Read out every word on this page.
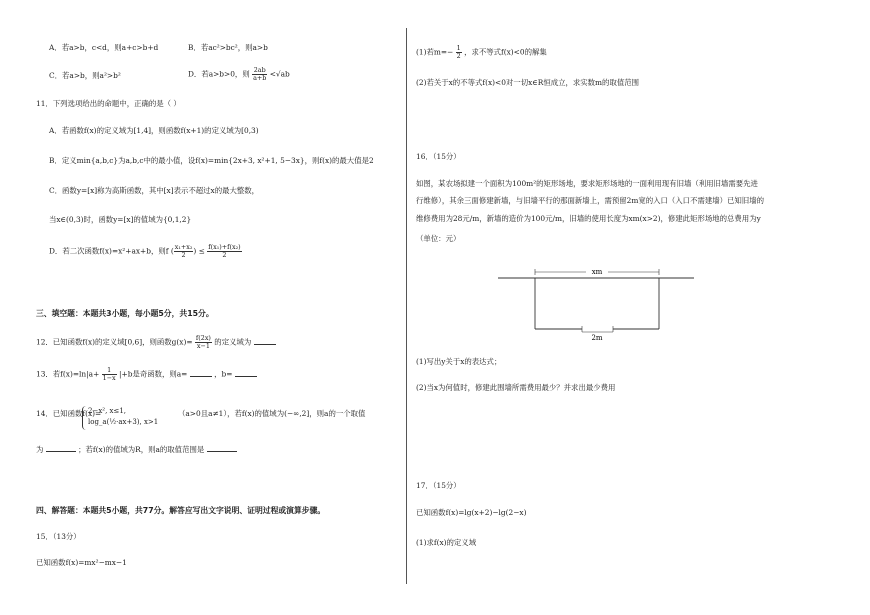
A．若a>b，c<d，则a+c>b+d	B．若ac²>bc²，则a>b
C．若a>b，则a²>b²	D．若a>b>0，则 $\frac{2ab}{a+b} <√ab$
11．下列选项给出的命题中，正确的是（ ）
A．若函数f(x)的定义域为[1,4]，则函数f(x+1)的定义域为[0,3)
B．定义min{a,b,c}为a,b,c中的最小值，设f(x)=min{2x+3, x²+1, 5−3x}，则f(x)的最大值是2
C．函数y=[x]称为高斯函数，其中[x]表示不超过x的最大整数，
当x∈(0,3)时，函数y=[x]的值域为{0,1,2}
D．若二次函数f(x)=x²+ax+b，则f ( $\frac{\text{x₁+x₂}}{2}$ ) ≤ $\frac{\text{f(x₁)+f(x₂)}}{2}$
三、填空题：本题共3小题，每小题5分，共15分。
12．已知函数f(x)的定义域[0,6]，则函数$g(x)= \frac{f(2x)}{x-1}$ 的定义域为
13．若$f(x)=\ln|a+ \frac{1}{1-x} |+b$是奇函数，则a=	，b=
14．已知函数f(x)=
2−x², x≤1,
log_a(½·ax+3), x>1
（a>0且a≠1），若f(x)的值域为(−∞,2]，则a的一个取值
为	；若f(x)的值域为R，则a的取值范围是
四、解答题：本题共5小题，共77分。解答应写出文字说明、证明过程或演算步骤。
15．（13分）
已知函数f(x)=mx²−mx−1
(1)若$m=- \frac{1}{2}$ ，求不等式f(x)<0的解集
(2)若关于x的不等式f(x)<0对一切x∈R恒成立，求实数m的取值范围
16．（15分）
如图，某农场拟建一个面积为100m²的矩形场地，要求矩形场地的一面利用现有旧墙（利用旧墙需要先进
行维修），其余三面修建新墙，与旧墙平行的那面新墙上，需预留2m宽的入口（入口不需建墙）已知旧墙的
维修费用为28元/m，新墙的造价为100元/m，旧墙的使用长度为xm(x>2)，修建此矩形场地的总费用为y
（单位：元）
xm
2m
(1)写出y关于x的表达式；
(2)当x为何值时，修建此围墙所需费用最少？并求出最少费用
17．（15分）
已知函数f(x)=lg(x+2)−lg(2−x)
(1)求f(x)的定义域
